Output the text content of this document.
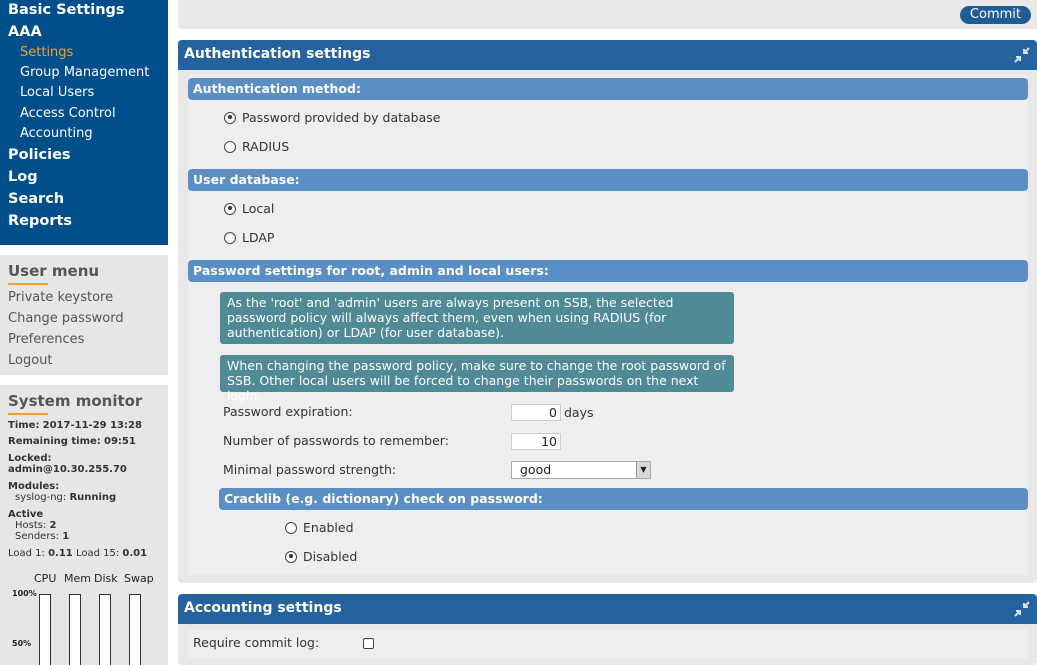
Basic Settings
AAA
Settings
Group Management
Local Users
Access Control
Accounting
Policies
Log
Search
Reports
User menu
Private keystore
Change password
Preferences
Logout
System monitor
Time: 2017-11-29 13:28
Remaining time: 09:51
Locked:
admin@10.30.255.70
Modules:
syslog-ng: Running
Active
Hosts: 2
Senders: 1
Load 1: 0.11 Load 15: 0.01
CPU Mem Disk Swap
100%
50%
Commit
Authentication settings
Authentication method:
Password provided by database
RADIUS
User database:
Local
LDAP
Password settings for root, admin and local users:
As the 'root' and 'admin' users are always present on SSB, the selected password policy will always affect them, even when using RADIUS (for authentication) or LDAP (for user database).
When changing the password policy, make sure to change the root password of SSB. Other local users will be forced to change their passwords on the next login.
Password expiration:
0	days
Number of passwords to remember:
10
Minimal password strength:	good	▼
Cracklib (e.g. dictionary) check on password:
Enabled
Disabled
Accounting settings
Require commit log:
